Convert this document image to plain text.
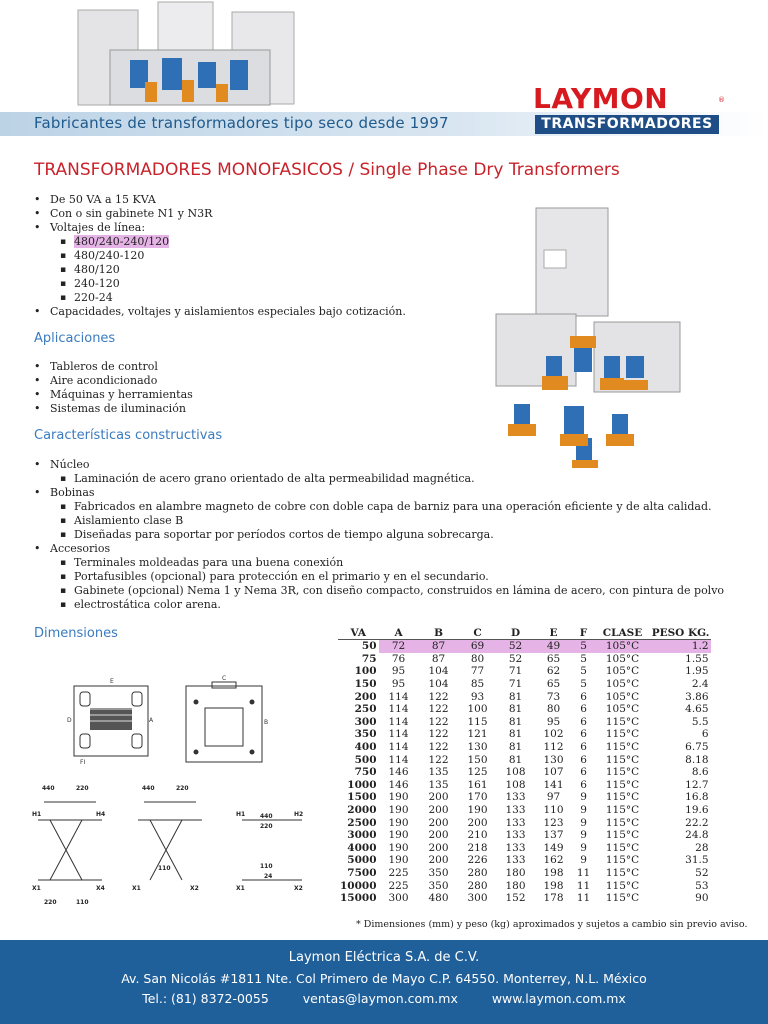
Fabricantes de transformadores tipo seco desde 1997
LAYMON	®
TRANSFORMADORES
TRANSFORMADORES MONOFASICOS / Single Phase Dry Transformers
• De 50 VA a 15 KVA
• Con o sin gabinete N1 y N3R
• Voltajes de línea:
▪ 480/240-240/120
▪ 480/240-120
▪ 480/120
▪ 240-120
▪ 220-24
• Capacidades, voltajes y aislamientos especiales bajo cotización.
Aplicaciones
• Tableros de control
• Aire acondicionado
• Máquinas y herramientas
• Sistemas de iluminación
Características constructivas
• Núcleo
▪ Laminación de acero grano orientado de alta permeabilidad magnética.
• Bobinas
▪ Fabricados en alambre magneto de cobre con doble capa de barniz para una operación eficiente y de alta calidad.
▪ Aislamiento clase B
▪ Diseñadas para soportar por períodos cortos de tiempo alguna sobrecarga.
• Accesorios
▪ Terminales moldeadas para una buena conexión
▪ Portafusibles (opcional) para protección en el primario y en el secundario.
▪ Gabinete (opcional) Nema 1 y Nema 3R, con diseño compacto, construidos en lámina de acero, con pintura de polvo
▪ electrostática color arena.
Dimensiones
E	C
D	A	B
FI
440	220	440	220
440
220
110	110
24
220	110
H1	H4	H1	H2
X1	X4	X1	X2	X1	X2
VA	A	B	C	D	E	F	CLASE	PESO KG.
50	72	87	69	52	49	5	105°C	1.2
75	76	87	80	52	65	5	105°C	1.55
100	95	104	77	71	62	5	105°C	1.95
150	95	104	85	71	65	5	105°C	2.4
200	114	122	93	81	73	6	105°C	3.86
250	114	122	100	81	80	6	105°C	4.65
300	114	122	115	81	95	6	115°C	5.5
350	114	122	121	81	102	6	115°C	6
400	114	122	130	81	112	6	115°C	6.75
500	114	122	150	81	130	6	115°C	8.18
750	146	135	125	108	107	6	115°C	8.6
1000	146	135	161	108	141	6	115°C	12.7
1500	190	200	170	133	97	9	115°C	16.8
2000	190	200	190	133	110	9	115°C	19.6
2500	190	200	200	133	123	9	115°C	22.2
3000	190	200	210	133	137	9	115°C	24.8
4000	190	200	218	133	149	9	115°C	28
5000	190	200	226	133	162	9	115°C	31.5
7500	225	350	280	180	198	11	115°C	52
10000	225	350	280	180	198	11	115°C	53
15000	300	480	300	152	178	11	115°C	90
* Dimensiones (mm) y peso (kg) aproximados y sujetos a cambio sin previo aviso.
Laymon Eléctrica S.A. de C.V.
Av. San Nicolás #1811 Nte. Col Primero de Mayo C.P. 64550. Monterrey, N.L. México
Tel.: (81) 8372-0055	ventas@laymon.com.mx	www.laymon.com.mx
